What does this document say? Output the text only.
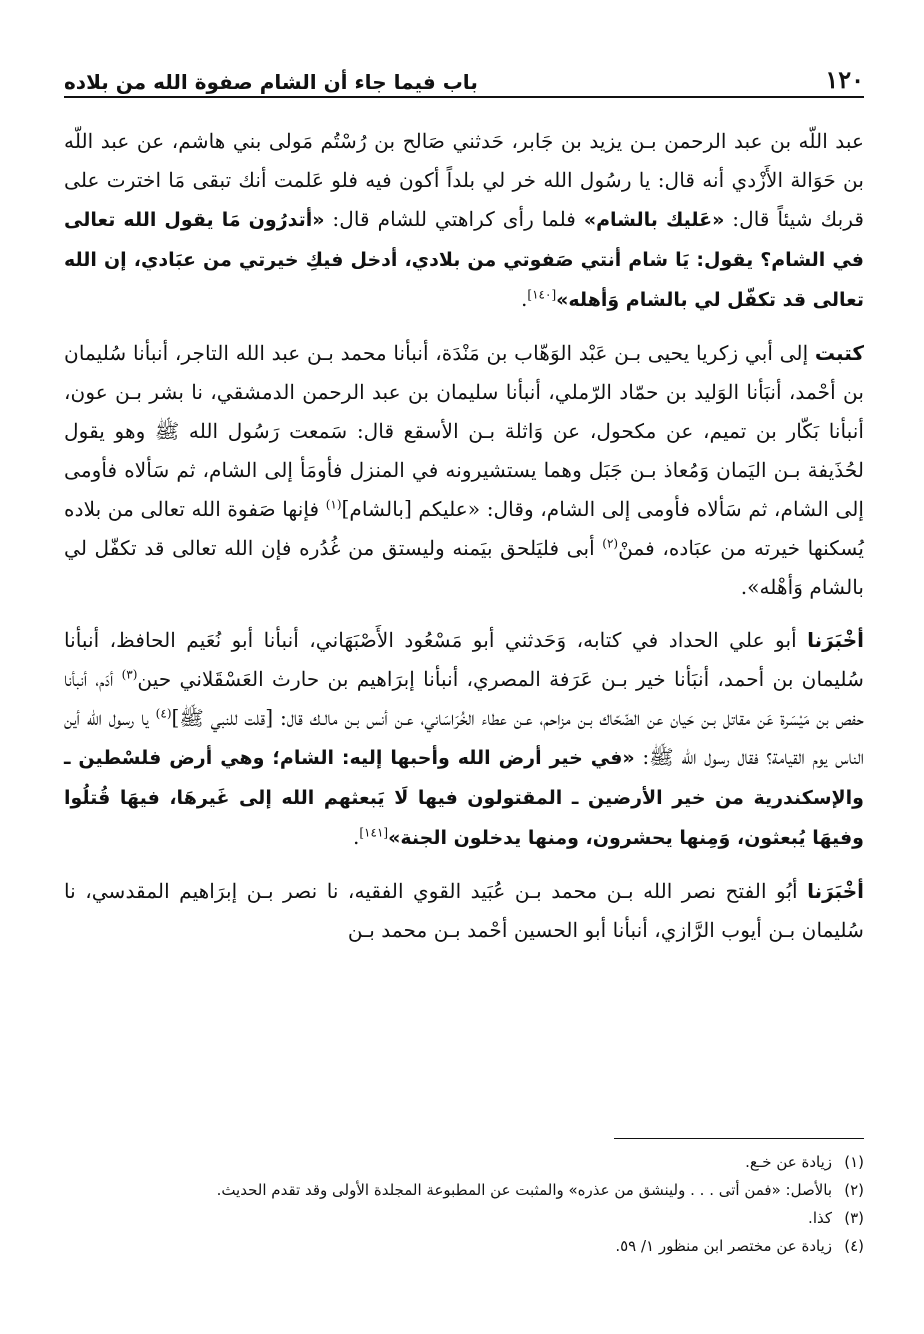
١٢٠
باب فيما جاء أن الشام صفوة الله من بلاده

عبد اللّه بن عبد الرحمن بـن يزيد بن جَابر، حَدثني صَالح بن رُسْتُم مَولى بني هاشم، عن عبد اللّه بن حَوَالة الأَزْدي أنه قال: يا رسُول الله خر لي بلداً أكون فيه فلو عَلمت أنك تبقى مَا اخترت على قربك شيئاً قال: «عَليك بالشام» فلما رأى كراهتي للشام قال: «أتدرُون مَا يقول الله تعالى في الشام؟ يقول: يَا شام أنتي صَفوتي من بلادي، أدخل فيكِ خيرتي من عبَادي، إن الله تعالى قد تكفّل لي بالشام وَأهله»[١٤٠].

كتبت إلى أبي زكريا يحيى بـن عَبْد الوَهّاب بن مَنْدَة، أنبأنا محمد بـن عبد الله التاجر، أنبأنا سُليمان بن أحْمد، أنبَأنا الوَليد بن حمّاد الرّملي، أنبأنا سليمان بن عبد الرحمن الدمشقي، نا بشر بـن عون، أنبأنا بَكّار بن تميم، عن مكحول، عن وَاثلة بـن الأسقع قال: سَمعت رَسُول الله ﷺ وهو يقول لحُذَيفة بـن اليَمان وَمُعاذ بـن جَبَل وهما يستشيرونه في المنزل فأومَأ إلى الشام، ثم سَألاه فأومى إلى الشام، ثم سَألاه فأومى إلى الشام، وقال: «عليكم [بالشام]$^{(١)}$ فإنها صَفوة الله تعالى من بلاده يُسكنها خيرته من عبَاده، فمنْ$^{(٢)}$ أبى فليَلحق بيَمنه وليستق من غُدُره فإن الله تعالى قد تكفّل لي بالشام وَأهْله».

أخْبَرَنا أبو علي الحداد في كتابه، وَحَدثني أبو مَسْعُود الأَصْبَهَاني، أنبأنا أبو نُعَيم الحافظ، أنبأنا سُليمان بن أحمد، أنبَأنا خير بـن عَرَفة المصري، أنبأنا إبرَاهيم بن حارث العَسْقَلاني حين$^{(٣)}$ أدَم، أنبأنا حفص بن مَيْسَرة عَن مقاتل بـن حَيان عن الضّحّاك بـن مزاحم، عـن عطاء الخُرَاسَاني، عـن أنس بـن مالـك قال: [قلت للنبي ﷺ]$^{(٤)}$ يا رسول الله أين الناس يوم القيامة؟ فقال رسول الله ﷺ: «في خير أرض الله وأحبها إليه: الشام؛ وهي أرض فلسْطين ـ والإسكندرية من خير الأرضين ـ المقتولون فيها لَا يَبعثهم الله إلى غَيرهَا، فيهَا قُتلُوا وفيهَا يُبعثون، وَمِنها يحشرون، ومنها يدخلون الجنة»[١٤١].

أخْبَرَنا أبُو الفتح نصر الله بـن محمد بـن عُبَيد القوي الفقيه، نا نصر بـن إبرَاهيم المقدسي، نا سُليمان بـن أيوب الرَّازي، أنبأنا أبو الحسين أحْمد بـن محمد بـن

(١)زيادة عن خـع.
(٢)بالأصل: «فمن أتى . . . ولينشق من عذره» والمثبت عن المطبوعة المجلدة الأولى وقد تقدم الحديث.
(٣)كذا.
(٤)زيادة عن مختصر ابن منظور ١/ ٥٩.
